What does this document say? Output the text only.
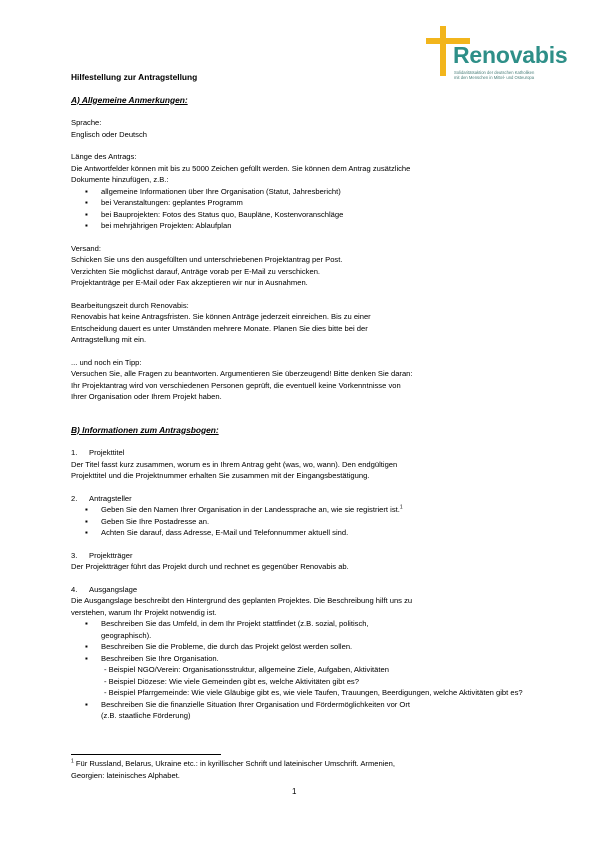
Renovabis
Solidaritätsaktion der deutschen Katholiken
mit den Menschen in Mittel- und Osteuropa

Hilfestellung zur Antragstellung

A) Allgemeine Anmerkungen:

Sprache:

Englisch oder Deutsch

Länge des Antrags:

Die Antwortfelder können mit bis zu 5000 Zeichen gefüllt werden. Sie können dem Antrag zusätzliche

Dokumente hinzufügen, z.B.:

▪ allgemeine Informationen über Ihre Organisation (Statut, Jahresbericht)
▪ bei Veranstaltungen: geplantes Programm
▪ bei Bauprojekten: Fotos des Status quo, Baupläne, Kostenvoranschläge
▪ bei mehrjährigen Projekten: Ablaufplan

Versand:

Schicken Sie uns den ausgefüllten und unterschriebenen Projektantrag per Post.

Verzichten Sie möglichst darauf, Anträge vorab per E-Mail zu verschicken.

Projektanträge per E-Mail oder Fax akzeptieren wir nur in Ausnahmen.

Bearbeitungszeit durch Renovabis:

Renovabis hat keine Antragsfristen. Sie können Anträge jederzeit einreichen. Bis zu einer

Entscheidung dauert es unter Umständen mehrere Monate. Planen Sie dies bitte bei der

Antragstellung mit ein.

... und noch ein Tipp:

Versuchen Sie, alle Fragen zu beantworten. Argumentieren Sie überzeugend! Bitte denken Sie daran:

Ihr Projektantrag wird von verschiedenen Personen geprüft, die eventuell keine Vorkenntnisse von

Ihrer Organisation oder Ihrem Projekt haben.

B) Informationen zum Antragsbogen:

1. Projekttitel

Der Titel fasst kurz zusammen, worum es in Ihrem Antrag geht (was, wo, wann). Den endgültigen

Projekttitel und die Projektnummer erhalten Sie zusammen mit der Eingangsbestätigung.

2. Antragsteller

▪ Geben Sie den Namen Ihrer Organisation in der Landessprache an, wie sie registriert ist.$^1$
▪ Geben Sie Ihre Postadresse an.
▪ Achten Sie darauf, dass Adresse, E-Mail und Telefonnummer aktuell sind.

3. Projektträger

Der Projektträger führt das Projekt durch und rechnet es gegenüber Renovabis ab.

4. Ausgangslage

Die Ausgangslage beschreibt den Hintergrund des geplanten Projektes. Die Beschreibung hilft uns zu

verstehen, warum Ihr Projekt notwendig ist.

▪ Beschreiben Sie das Umfeld, in dem Ihr Projekt stattfindet (z.B. sozial, politisch,
geographisch).
▪ Beschreiben Sie die Probleme, die durch das Projekt gelöst werden sollen.
▪ Beschreiben Sie Ihre Organisation.
- Beispiel NGO/Verein: Organisationsstruktur, allgemeine Ziele, Aufgaben, Aktivitäten
- Beispiel Diözese: Wie viele Gemeinden gibt es, welche Aktivitäten gibt es?
- Beispiel Pfarrgemeinde: Wie viele Gläubige gibt es, wie viele Taufen, Trauungen, Beerdigungen, welche Aktivitäten gibt es?
▪ Beschreiben Sie die finanzielle Situation Ihrer Organisation und Fördermöglichkeiten vor Ort
(z.B. staatliche Förderung)
$^1$ Für Russland, Belarus, Ukraine etc.: in kyrillischer Schrift und lateinischer Umschrift. Armenien,
Georgien: lateinisches Alphabet.
1
